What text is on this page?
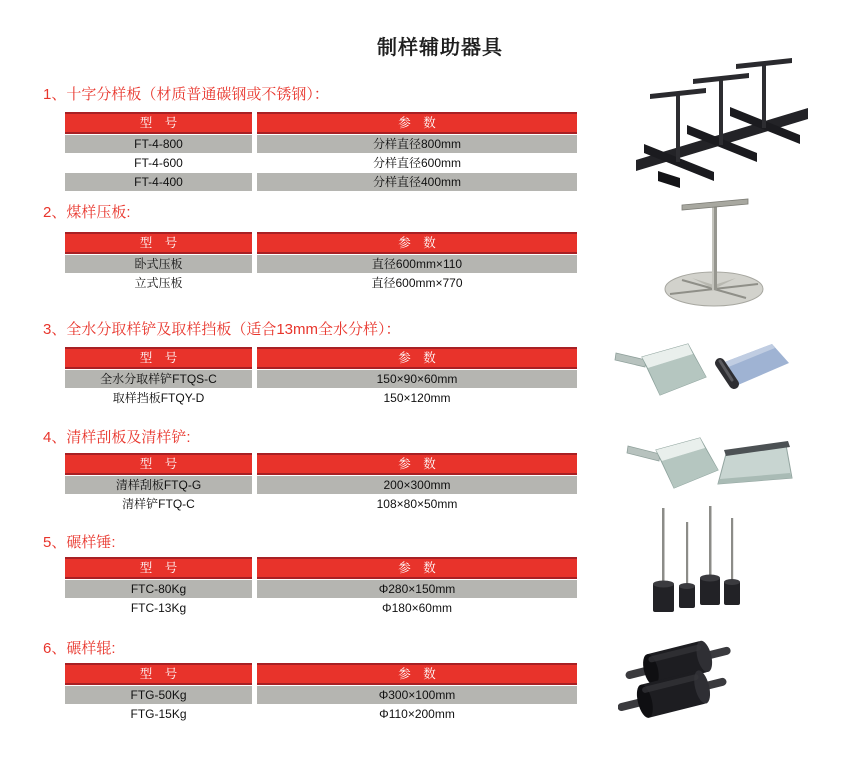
制样辅助器具
1、十字分样板（材质普通碳钢或不锈钢）：
型　号	参　数
FT-4-800	分样直径800mm
FT-4-600	分样直径600mm
FT-4-400	分样直径400mm
2、煤样压板:
型　号	参　数
卧式压板	直径600mm×110
立式压板	直径600mm×770
3、全水分取样铲及取样挡板（适合13mm全水分样）：
型　号	参　数
全水分取样铲FTQS-C	150×90×60mm
取样挡板FTQY-D	150×120mm
4、清样刮板及清样铲:
型　号	参　数
清样刮板FTQ-G	200×300mm
清样铲FTQ-C	108×80×50mm
5、碾样锤:
型　号	参　数
FTC-80Kg	Φ280×150mm
FTC-13Kg	Φ180×60mm
6、碾样辊:
型　号	参　数
FTG-50Kg	Φ300×100mm
FTG-15Kg	Φ110×200mm
